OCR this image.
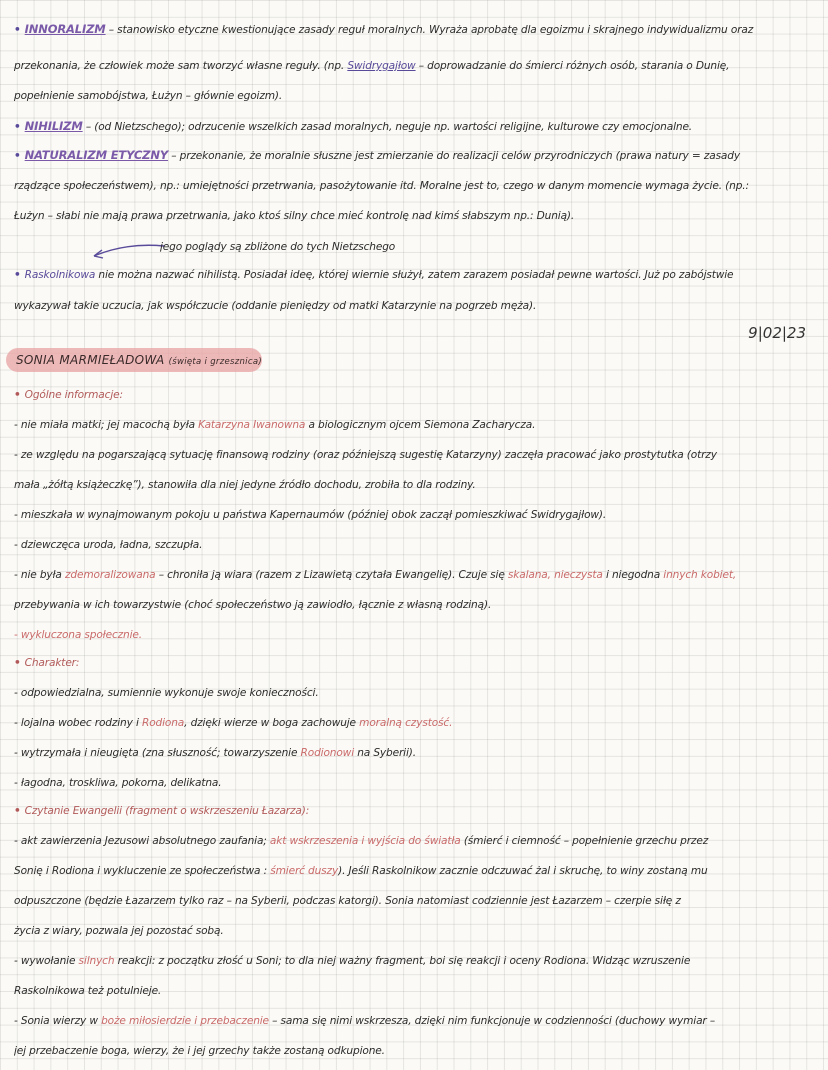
• INNORALIZM – stanowisko etyczne kwestionujące zasady reguł moralnych. Wyraża aprobatę dla egoizmu i skrajnego indywidualizmu oraz
przekonania, że człowiek może sam tworzyć własne reguły. (np. Swidrygajłow – doprowadzanie do śmierci różnych osób, starania o Dunię,
popełnienie samobójstwa, Łużyn – głównie egoizm).
• NIHILIZM – (od Nietzschego); odrzucenie wszelkich zasad moralnych, neguje np. wartości religijne, kulturowe czy emocjonalne.
• NATURALIZM ETYCZNY – przekonanie, że moralnie słuszne jest zmierzanie do realizacji celów przyrodniczych (prawa natury = zasady
rządzące społeczeństwem), np.: umiejętności przetrwania, pasożytowanie itd. Moralne jest to, czego w danym momencie wymaga życie. (np.:
Łużyn – słabi nie mają prawa przetrwania, jako ktoś silny chce mieć kontrolę nad kimś słabszym np.: Dunią).
jego poglądy są zbliżone do tych Nietzschego
• Raskolnikowa nie można nazwać nihilistą. Posiadał ideę, której wiernie służył, zatem zarazem posiadał pewne wartości. Już po zabójstwie
wykazywał takie uczucia, jak współczucie (oddanie pieniędzy od matki Katarzynie na pogrzeb męża).
9|02|23
SONIA MARMIEŁADOWA (święta i grzesznica)
• Ogólne informacje:
- nie miała matki; jej macochą była Katarzyna Iwanowna a biologicznym ojcem Siemona Zacharycza.
- ze względu na pogarszającą sytuację finansową rodziny (oraz późniejszą sugestię Katarzyny) zaczęła pracować jako prostytutka (otrzy
mała „żółtą książeczkę”), stanowiła dla niej jedyne źródło dochodu, zrobiła to dla rodziny.
- mieszkała w wynajmowanym pokoju u państwa Kapernaumów (później obok zaczął pomieszkiwać Swidrygajłow).
- dziewczęca uroda, ładna, szczupła.
- nie była zdemoralizowana – chroniła ją wiara (razem z Lizawietą czytała Ewangelię). Czuje się skalana, nieczysta i niegodna innych kobiet,
przebywania w ich towarzystwie (choć społeczeństwo ją zawiodło, łącznie z własną rodziną).
- wykluczona społecznie.
• Charakter:
- odpowiedzialna, sumiennie wykonuje swoje konieczności.
- lojalna wobec rodziny i Rodiona, dzięki wierze w boga zachowuje moralną czystość.
- wytrzymała i nieugięta (zna słuszność; towarzyszenie Rodionowi na Syberii).
- łagodna, troskliwa, pokorna, delikatna.
• Czytanie Ewangelii (fragment o wskrzeszeniu Łazarza):
- akt zawierzenia Jezusowi absolutnego zaufania; akt wskrzeszenia i wyjścia do światła (śmierć i ciemność – popełnienie grzechu przez
Sonię i Rodiona i wykluczenie ze społeczeństwa : śmierć duszy). Jeśli Raskolnikow zacznie odczuwać żal i skruchę, to winy zostaną mu
odpuszczone (będzie Łazarzem tylko raz – na Syberii, podczas katorgi). Sonia natomiast codziennie jest Łazarzem – czerpie siłę z
życia z wiary, pozwala jej pozostać sobą.
- wywołanie silnych reakcji: z początku złość u Soni; to dla niej ważny fragment, boi się reakcji i oceny Rodiona. Widząc wzruszenie
Raskolnikowa też potulnieje.
- Sonia wierzy w boże miłosierdzie i przebaczenie – sama się nimi wskrzesza, dzięki nim funkcjonuje w codzienności (duchowy wymiar –
jej przebaczenie boga, wierzy, że i jej grzechy także zostaną odkupione.
